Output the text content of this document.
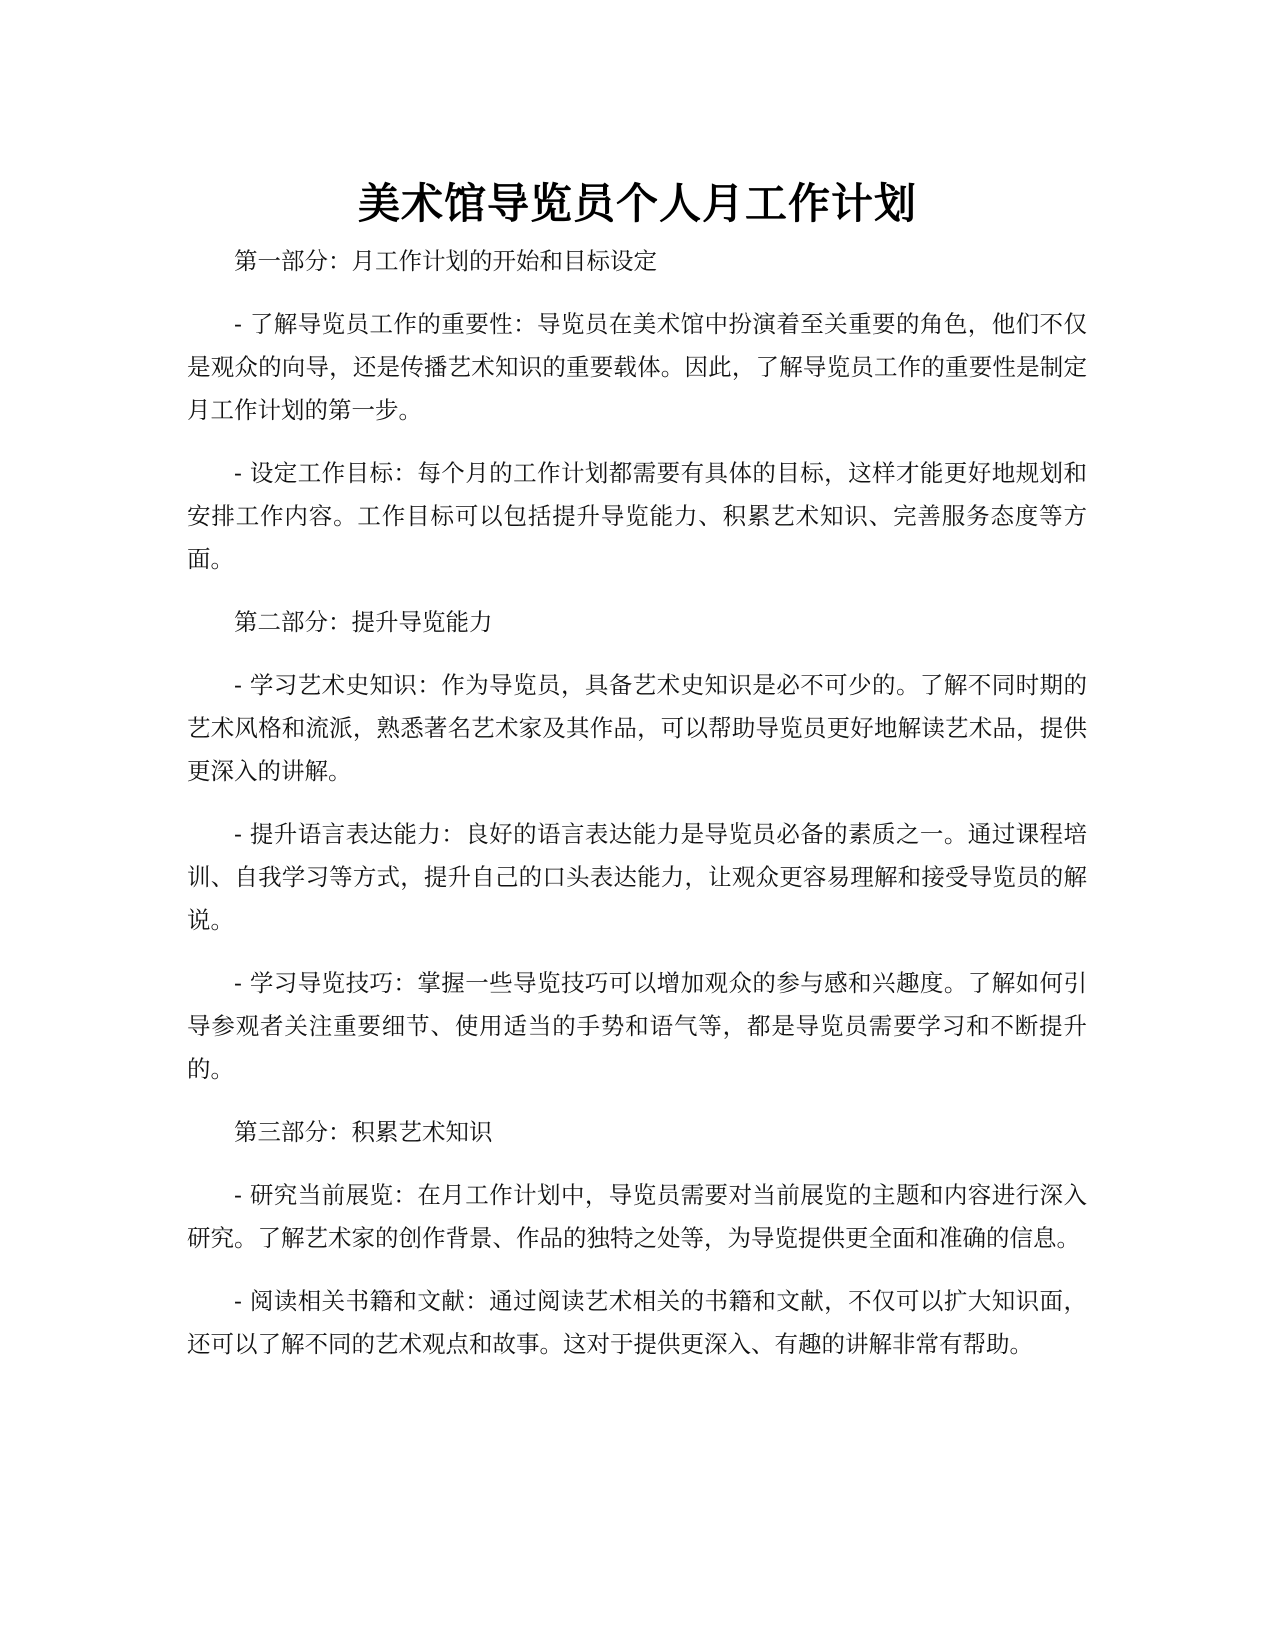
美术馆导览员个人月工作计划

第一部分：月工作计划的开始和目标设定

- 了解导览员工作的重要性：导览员在美术馆中扮演着至关重要的角色，他们不仅是观众的向导，还是传播艺术知识的重要载体。因此，了解导览员工作的重要性是制定月工作计划的第一步。

- 设定工作目标：每个月的工作计划都需要有具体的目标，这样才能更好地规划和安排工作内容。工作目标可以包括提升导览能力、积累艺术知识、完善服务态度等方面。

第二部分：提升导览能力

- 学习艺术史知识：作为导览员，具备艺术史知识是必不可少的。了解不同时期的艺术风格和流派，熟悉著名艺术家及其作品，可以帮助导览员更好地解读艺术品，提供更深入的讲解。

- 提升语言表达能力：良好的语言表达能力是导览员必备的素质之一。通过课程培训、自我学习等方式，提升自己的口头表达能力，让观众更容易理解和接受导览员的解说。

- 学习导览技巧：掌握一些导览技巧可以增加观众的参与感和兴趣度。了解如何引导参观者关注重要细节、使用适当的手势和语气等，都是导览员需要学习和不断提升的。

第三部分：积累艺术知识

- 研究当前展览：在月工作计划中，导览员需要对当前展览的主题和内容进行深入研究。了解艺术家的创作背景、作品的独特之处等，为导览提供更全面和准确的信息。

- 阅读相关书籍和文献：通过阅读艺术相关的书籍和文献，不仅可以扩大知识面，还可以了解不同的艺术观点和故事。这对于提供更深入、有趣的讲解非常有帮助。
